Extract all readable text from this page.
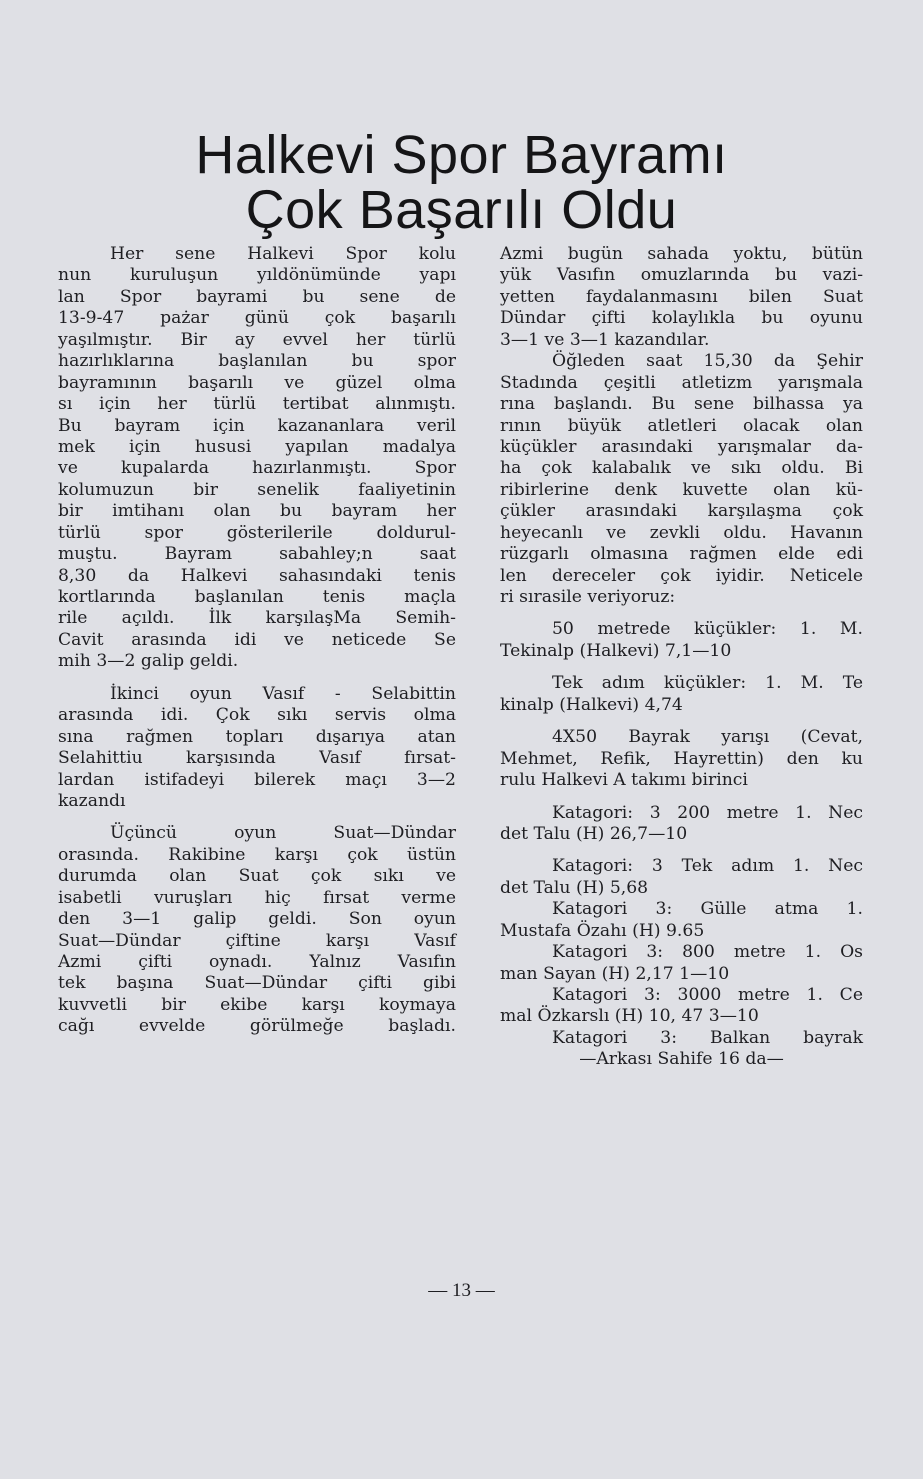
Halkevi Spor Bayramı
Çok Başarılı Oldu
Her sene Halkevi Spor kolu
nun kuruluşun yıldönümünde yapı
lan Spor bayrami bu sene de
13-9-47 pażar günü çok başarılı
yaşılmıştır. Bir ay evvel her türlü
hazırlıklarına başlanılan bu spor
bayramının başarılı ve güzel olma
sı için her türlü tertibat alınmıştı.
Bu bayram için kazananlara veril
mek için hususi yapılan madalya
ve kupalarda hazırlanmıştı. Spor
kolumuzun bir senelik faaliyetinin
bir imtihanı olan bu bayram her
türlü spor gösterilerile doldurul-
muştu. Bayram sabahley;n saat
8,30 da Halkevi sahasındaki tenis
kortlarında başlanılan tenis maçla
rile açıldı. İlk karşılaşMa Semih-
Cavit arasında idi ve neticede Se
mih 3—2 galip geldi.
İkinci oyun Vasıf - Selabittin
arasında idi. Çok sıkı servis olma
sına rağmen topları dışarıya atan
Selahittiu karşısında Vasıf fırsat-
lardan istifadeyi bilerek maçı 3—2
kazandı
Üçüncü oyun Suat—Dündar
orasında. Rakibine karşı çok üstün
durumda olan Suat çok sıkı ve
isabetli vuruşları hiç fırsat verme
den 3—1 galip geldi. Son oyun
Suat—Dündar çiftine karşı Vasıf
Azmi çifti oynadı. Yalnız Vasıfın
tek başına Suat—Dündar çifti gibi
kuvvetli bir ekibe karşı koymaya
cağı evvelde görülmeğe başladı.
Azmi bugün sahada yoktu, bütün
yük Vasıfın omuzlarında bu vazi-
yetten faydalanmasını bilen Suat
Dündar çifti kolaylıkla bu oyunu
3—1 ve 3—1 kazandılar.
Öğleden saat 15,30 da Şehir
Stadında çeşitli atletizm yarışmala
rına başlandı. Bu sene bilhassa ya
rının büyük atletleri olacak olan
küçükler arasındaki yarışmalar da-
ha çok kalabalık ve sıkı oldu. Bi
ribirlerine denk kuvette olan kü-
çükler arasındaki karşılaşma çok
heyecanlı ve zevkli oldu. Havanın
rüzgarlı olmasına rağmen elde edi
len dereceler çok iyidir. Neticele
ri sırasile veriyoruz:
50 metrede küçükler: 1. M.
Tekinalp (Halkevi) 7,1—10
Tek adım küçükler: 1. M. Te
kinalp (Halkevi) 4,74
4X50 Bayrak yarışı (Cevat,
Mehmet, Refik, Hayrettin) den ku
rulu Halkevi A takımı birinci
Katagori: 3 200 metre 1. Nec
det Talu (H) 26,7—10
Katagori: 3 Tek adım 1. Nec
det Talu (H) 5,68
Katagori 3: Gülle atma 1.
Mustafa Özahı (H) 9.65
Katagori 3: 800 metre 1. Os
man Sayan (H) 2,17 1—10
Katagori 3: 3000 metre 1. Ce
mal Özkarslı (H) 10, 47 3—10
Katagori 3: Balkan bayrak
—Arkası Sahife 16 da—
— 13 —
